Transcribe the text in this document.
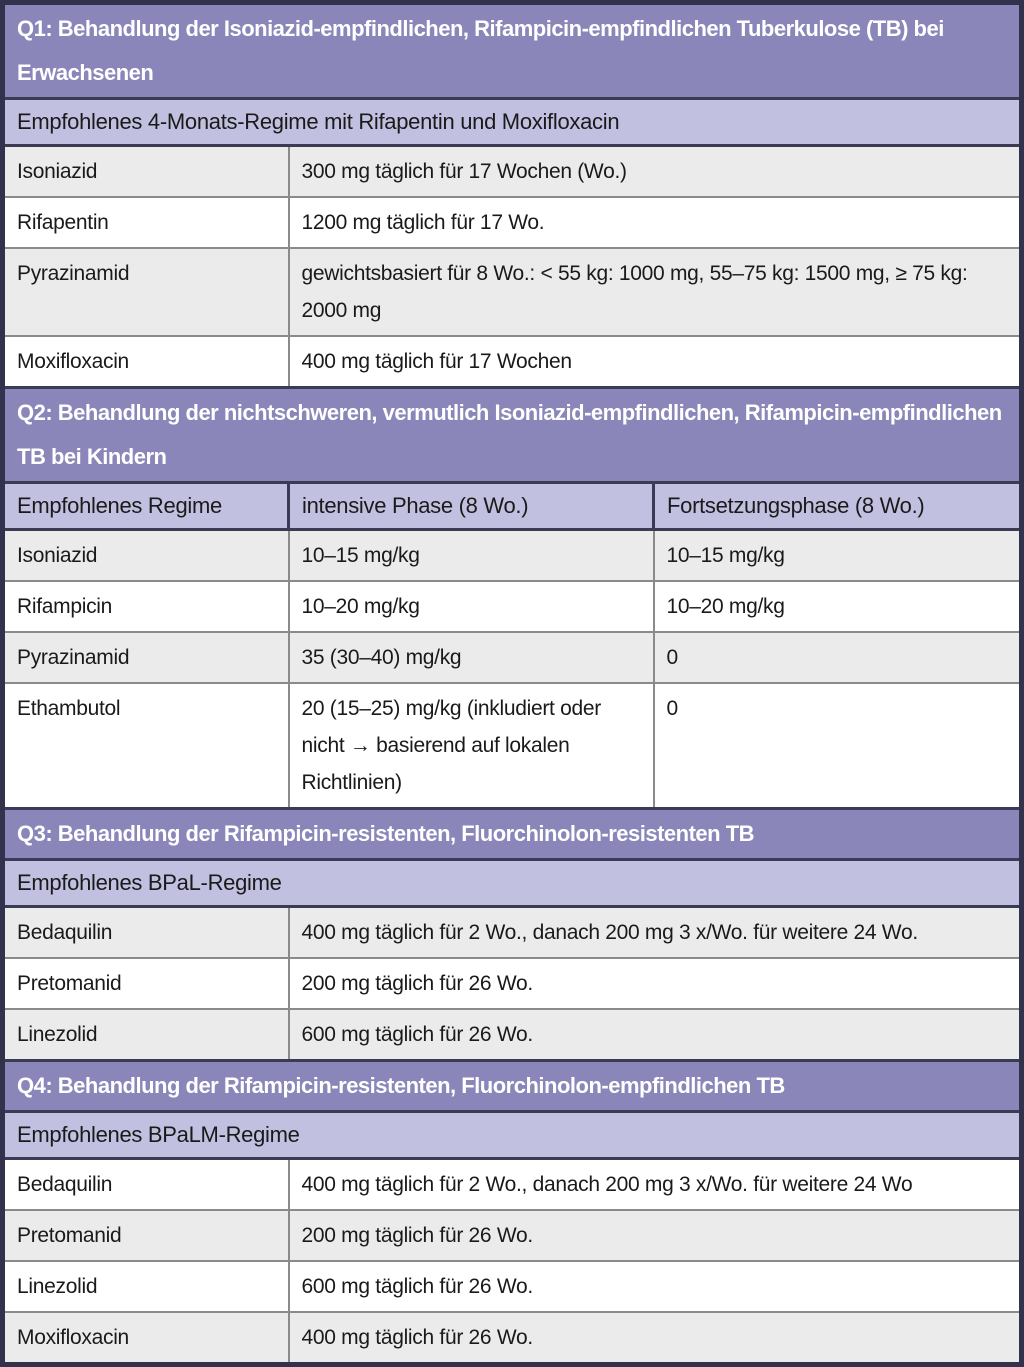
Q1: Behandlung der Isoniazid-empfindlichen, Rifampicin-empfindlichen Tuberkulose (TB) bei Erwachsenen		
Empfohlenes 4-Monats-Regime mit Rifapentin und Moxifloxacin		
Isoniazid	300 mg täglich für 17 Wochen (Wo.)	
Rifapentin	1200 mg täglich für 17 Wo.	
Pyrazinamid	gewichtsbasiert für 8 Wo.: < 55 kg: 1000 mg, 55–75 kg: 1500 mg, ≥ 75 kg: 2000 mg	
Moxifloxacin	400 mg täglich für 17 Wochen	
Q2: Behandlung der nichtschweren, vermutlich Isoniazid-empfindlichen, Rifampicin-empfindlichen TB bei Kindern		
Empfohlenes Regime	intensive Phase (8 Wo.)	Fortsetzungsphase (8 Wo.)
Isoniazid	10–15 mg/kg	10–15 mg/kg
Rifampicin	10–20 mg/kg	10–20 mg/kg
Pyrazinamid	35 (30–40) mg/kg	0
Ethambutol	20 (15–25) mg/kg (inkludiert oder nicht → basierend auf lokalen Richtlinien)	0
Q3: Behandlung der Rifampicin-resistenten, Fluorchinolon-resistenten TB		
Empfohlenes BPaL-Regime		
Bedaquilin	400 mg täglich für 2 Wo., danach 200 mg 3 x/Wo. für weitere 24 Wo.	
Pretomanid	200 mg täglich für 26 Wo.	
Linezolid	600 mg täglich für 26 Wo.	
Q4: Behandlung der Rifampicin-resistenten, Fluorchinolon-empfindlichen TB		
Empfohlenes BPaLM-Regime		
Bedaquilin	400 mg täglich für 2 Wo., danach 200 mg 3 x/Wo. für weitere 24 Wo	
Pretomanid	200 mg täglich für 26 Wo.	
Linezolid	600 mg täglich für 26 Wo.	
Moxifloxacin	400 mg täglich für 26 Wo.	
